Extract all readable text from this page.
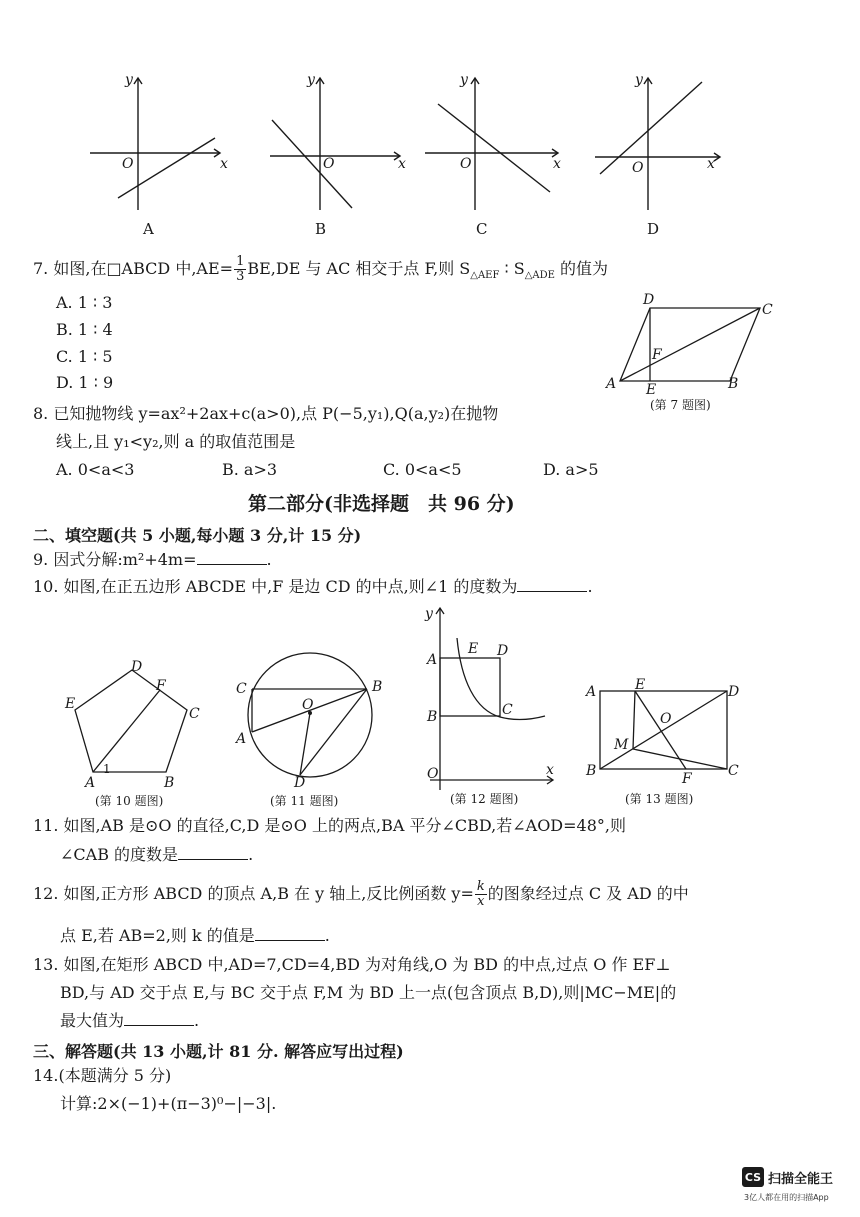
y
O	x
y
O	x
y
O	x
y
O	x
A	B	C	D
7. 如图,在□ABCD 中$,AE= \frac{1}{3} BE,DE$ 与 AC 相交于点 F,则 $S_{\triangle AEF}$ ∶ $S_{\triangle ADE}$ 的值为
A. 1 ∶ 3
B. 1 ∶ 4
C. 1 ∶ 5
D. 1 ∶ 9	A	B
C
D
E
F
(第 7 题图)
8. 已知抛物线 y=ax²+2ax+c(a>0),点 P(−5,y₁),Q(a,y₂)在抛物
线上,且 y₁<y₂,则 a 的取值范围是
A. 0<a<3	B. a>3	C. 0<a<5	D. a>5
第二部分(非选择题　共 96 分)
二、填空题(共 5 小题,每小题 3 分,计 15 分)
9. 因式分解:m²+4m=	.
10. 如图,在正五边形 ABCDE 中,F 是边 CD 的中点,则∠1 的度数为	.
A	B
C
D
E
F
1
(第 10 题图)
A
B
C
D
O
(第 11 题图)
y
x
A
B	C
D
E
O
(第 12 题图)
A
B	C
D
E
F
M
O
(第 13 题图)
11. 如图,AB 是⊙O 的直径,C,D 是⊙O 上的两点,BA 平分∠CBD,若∠AOD=48°,则
∠CAB 的度数是	.
12. 如图,正方形 ABCD 的顶点 A,B 在 y 轴上,反比例函数 $y= \frac{k}{x}$ 的图象经过点 C 及 AD 的中
点 E,若 AB=2,则 k 的值是	.
13. 如图,在矩形 ABCD 中,AD=7,CD=4,BD 为对角线,O 为 BD 的中点,过点 O 作 EF⊥
BD,与 AD 交于点 E,与 BC 交于点 F,M 为 BD 上一点(包含顶点 B,D),则|MC−ME|的
最大值为	.
三、解答题(共 13 小题,计 81 分. 解答应写出过程)
14.(本题满分 5 分)
计算:2×(−1)+(π−3)⁰−|−3|.
CS 扫描全能王
3亿人都在用的扫描App
